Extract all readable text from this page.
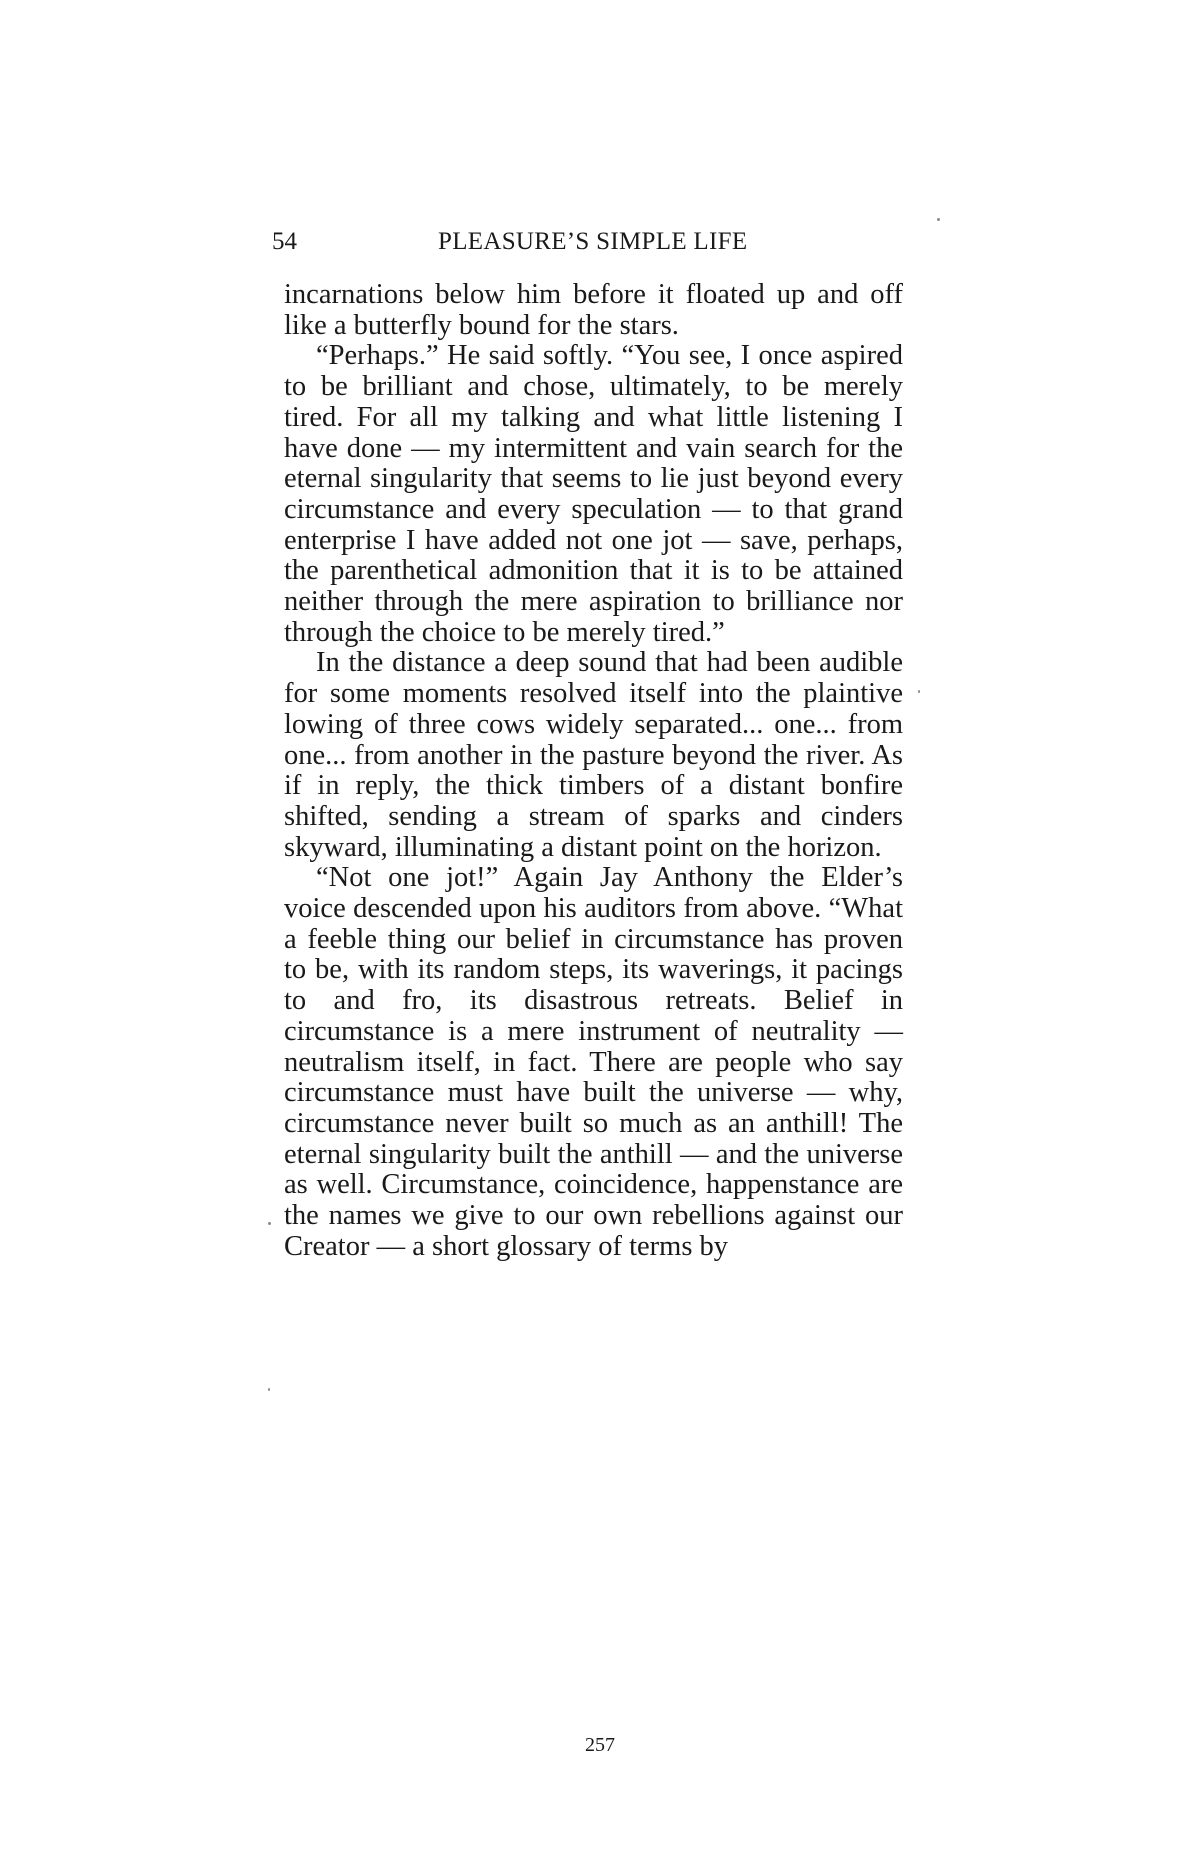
54	PLEASURE’S SIMPLE LIFE

incarnations below him before it floated up and off like a butterfly bound for the stars.

“Perhaps.” He said softly. “You see, I once aspired to be brilliant and chose, ultimately, to be merely tired. For all my talking and what little listening I have done — my intermittent and vain search for the eternal singularity that seems to lie just beyond every circumstance and every speculation — to that grand enterprise I have added not one jot — save, perhaps, the parenthetical admonition that it is to be attained neither through the mere aspiration to brilliance nor through the choice to be merely tired.”

In the distance a deep sound that had been audible for some moments resolved itself into the plaintive lowing of three cows widely separated... one... from one... from another in the pasture beyond the river. As if in reply, the thick timbers of a distant bonfire shifted, sending a stream of sparks and cinders skyward, illuminating a distant point on the horizon.

“Not one jot!” Again Jay Anthony the Elder’s voice descended upon his auditors from above. “What a feeble thing our belief in circumstance has proven to be, with its random steps, its waverings, it pacings to and fro, its disastrous retreats. Belief in circumstance is a mere instrument of neutrality — neutralism itself, in fact. There are people who say circumstance must have built the universe — why, circumstance never built so much as an anthill! The eternal singularity built the anthill — and the universe as well. Circumstance, coincidence, happenstance are the names we give to our own rebellions against our Creator — a short glossary of terms by

257
